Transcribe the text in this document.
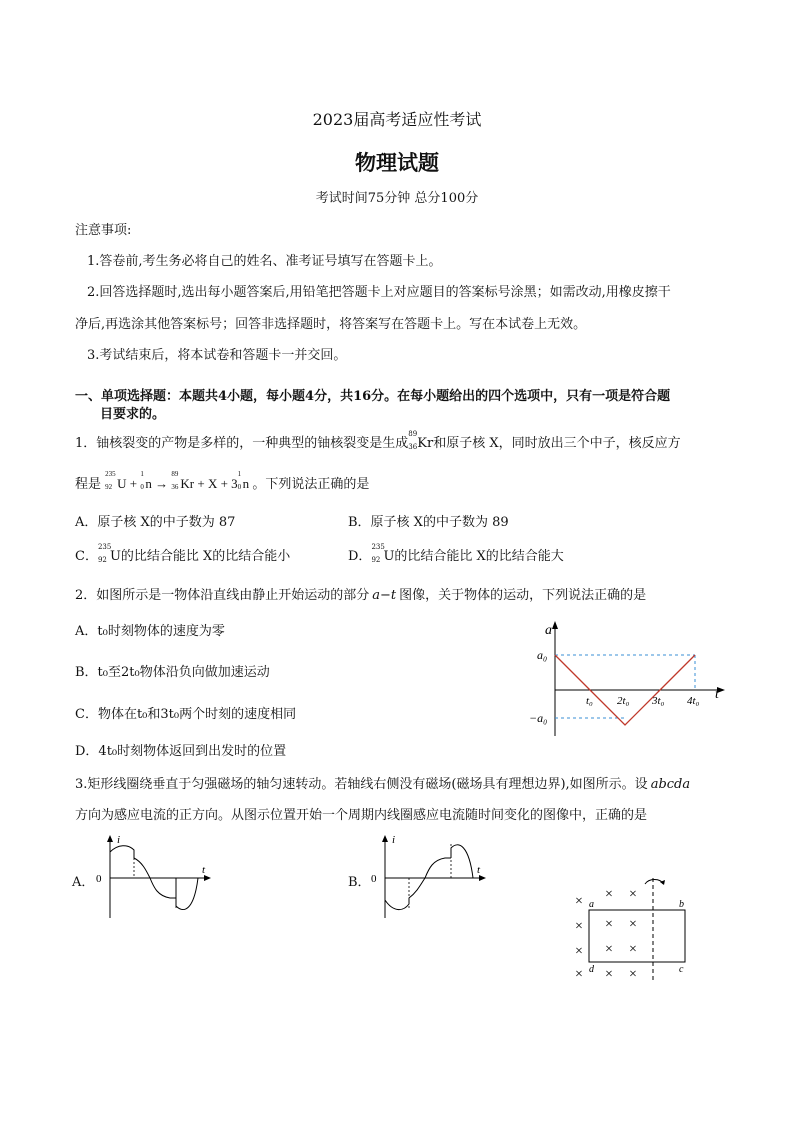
2023届高考适应性考试
物理试题
考试时间75分钟 总分100分
注意事项:
1.答卷前,考生务必将自己的姓名、准考证号填写在答题卡上。
2.回答选择题时,选出每小题答案后,用铅笔把答题卡上对应题目的答案标号涂黑；如需改动,用橡皮擦干
净后,再选涂其他答案标号；回答非选择题时，将答案写在答题卡上。写在本试卷上无效。
3.考试结束后，将本试卷和答题卡一并交回。
一、单项选择题：本题共4小题，每小题4分，共16分。在每小题给出的四个选项中，只有一项是符合题
目要求的。
1．铀核裂变的产物是多样的，一种典型的铀核裂变是生成
89
36 Kr和原子核 X，同时放出三个中子，核反应方
程是
235
92 U +
1
0 n →
89
36 Kr + X + 3
1
0 n 。下列说法正确的是
A．原子核 X的中子数为 87	B．原子核 X的中子数为 89
C．
235
92 U的比结合能比 X的比结合能小	D．
235
92 U的比结合能比 X的比结合能大
2．如图所示是一物体沿直线由静止开始运动的部分 a−t 图像，关于物体的运动，下列说法正确的是
A．t₀时刻物体的速度为零
B．t₀至2t₀物体沿负向做加速运动
C．物体在t₀和3t₀两个时刻的速度相同
D．4t₀时刻物体返回到出发时的位置
a
t
a₀
−a₀
t₀ 2t₀ 3t₀ 4t₀
3.矩形线圈绕垂直于匀强磁场的轴匀速转动。若轴线右侧没有磁场(磁场具有理想边界),如图所示。设 abcda
方向为感应电流的正方向。从图示位置开始一个周期内线圈感应电流随时间变化的图像中，正确的是
A．
i
t
0	B．
i
t
0
× × ×
× × ×
× × ×
× × ×
a	b
c
d
